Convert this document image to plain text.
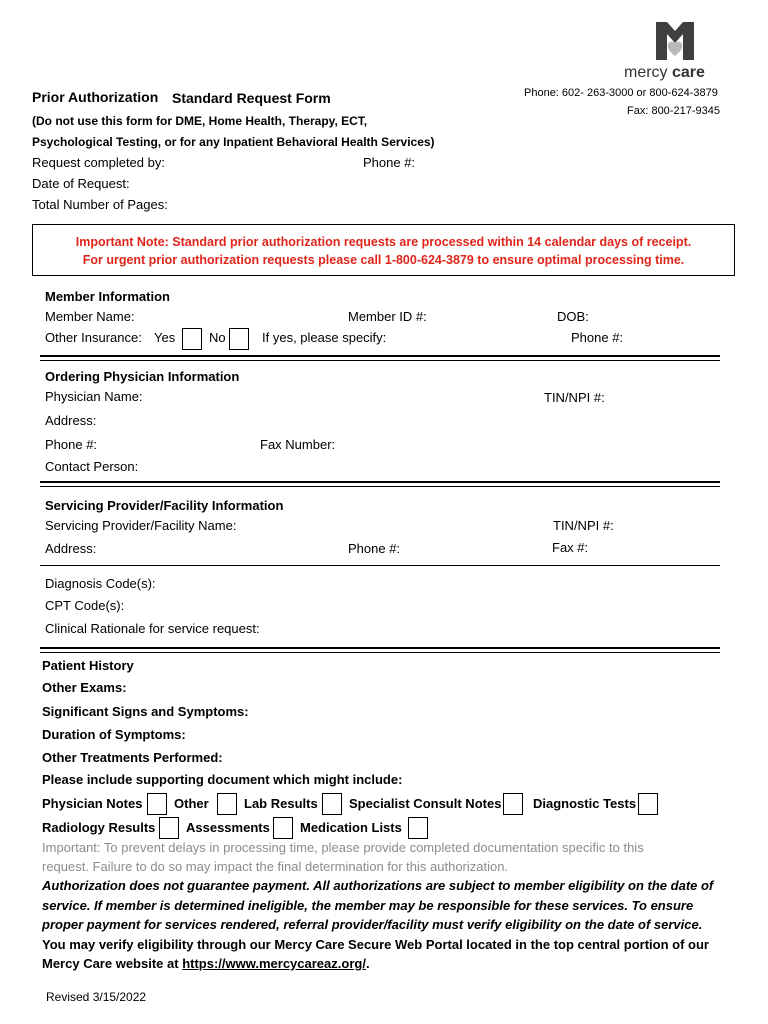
mercy care
Prior Authorization Standard Request Form	Phone: 602- 263-3000 or 800-624-3879
Fax: 800-217-9345
(Do not use this form for DME, Home Health, Therapy, ECT,
Psychological Testing, or for any Inpatient Behavioral Health Services)
Request completed by:	Phone #:
Date of Request:
Total Number of Pages:
Important Note: Standard prior authorization requests are processed within 14 calendar days of receipt.
For urgent prior authorization requests please call 1-800-624-3879 to ensure optimal processing time.
Member Information
Member Name:	Member ID #:	DOB:
Other Insurance: Yes	No	If yes, please specify:	Phone #:
Ordering Physician Information
Physician Name:	TIN/NPI #:
Address:
Phone #:	Fax Number:
Contact Person:
Servicing Provider/Facility Information
Servicing Provider/Facility Name:	TIN/NPI #:
Address:	Phone #:	Fax #:
Diagnosis Code(s):
CPT Code(s):
Clinical Rationale for service request:
Patient History
Other Exams:
Significant Signs and Symptoms:
Duration of Symptoms:
Other Treatments Performed:
Please include supporting document which might include:
Physician Notes Other	Lab Results Specialist Consult Notes Diagnostic Tests
Radiology Results Assessments Medication Lists
Important: To prevent delays in processing time, please provide completed documentation specific to this
request. Failure to do so may impact the final determination for this authorization.
Authorization does not guarantee payment. All authorizations are subject to member eligibility on the date of service. If member is determined ineligible, the member may be responsible for these services. To ensure proper payment for services rendered, referral provider/facility must verify eligibility on the date of service. You may verify eligibility through our Mercy Care Secure Web Portal located in the top central portion of our Mercy Care website at https://www.mercycareaz.org/.
Revised 3/15/2022
